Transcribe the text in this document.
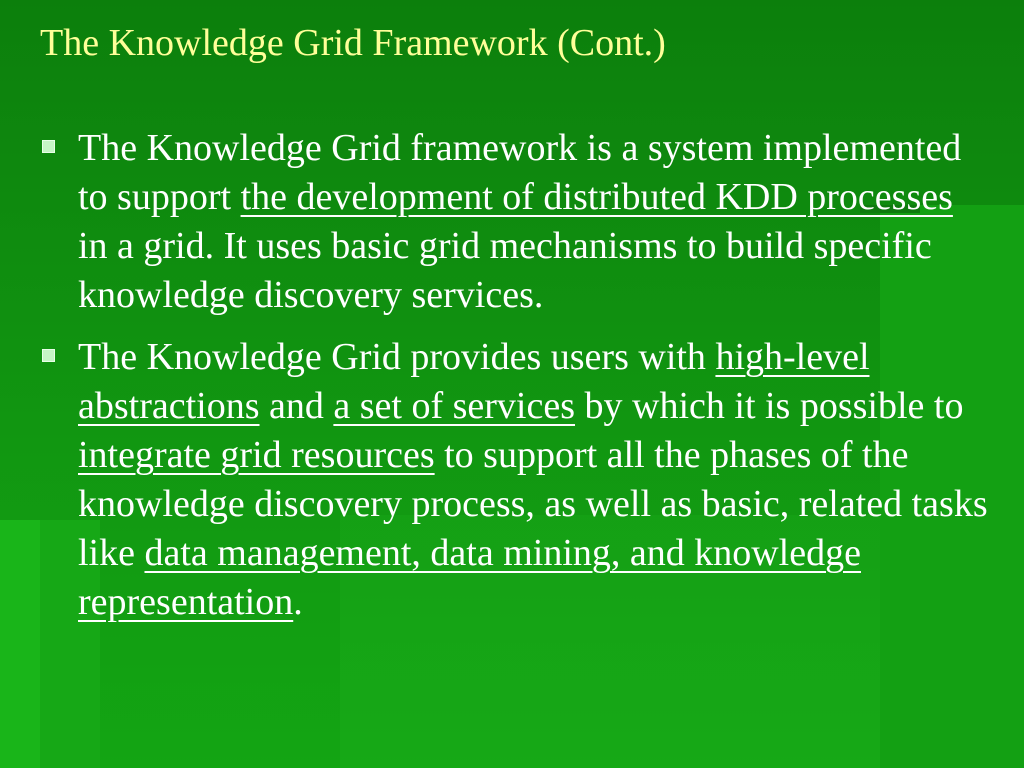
The Knowledge Grid Framework (Cont.)
The Knowledge Grid framework is a system implemented to support the development of distributed KDD processes in a grid. It uses basic grid mechanisms to build specific knowledge discovery services.
The Knowledge Grid provides users with high-level abstractions and a set of services by which it is possible to integrate grid resources to support all the phases of the knowledge discovery process, as well as basic, related tasks like data management, data mining, and knowledge representation.
